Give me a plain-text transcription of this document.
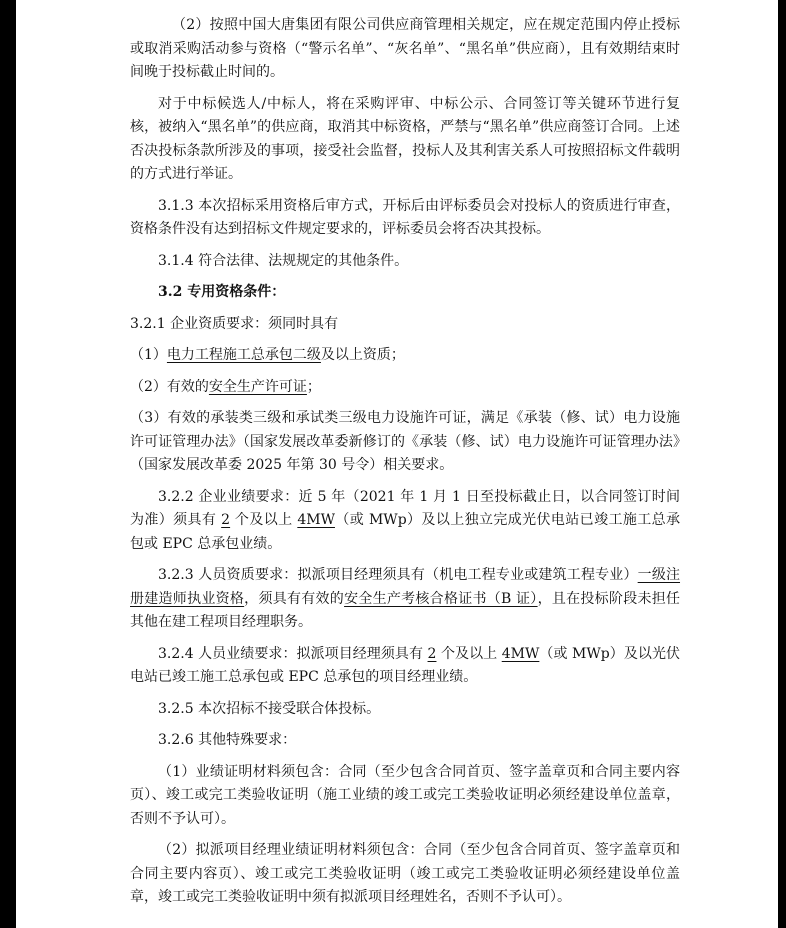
（2）按照中国大唐集团有限公司供应商管理相关规定，应在规定范围内停止授标或取消采购活动参与资格（“警示名单”、“灰名单”、“黑名单”供应商），且有效期结束时间晚于投标截止时间的。

对于中标候选人/中标人，将在采购评审、中标公示、合同签订等关键环节进行复核，被纳入“黑名单”的供应商，取消其中标资格，严禁与“黑名单”供应商签订合同。上述否决投标条款所涉及的事项，接受社会监督，投标人及其利害关系人可按照招标文件载明的方式进行举证。

3.1.3 本次招标采用资格后审方式，开标后由评标委员会对投标人的资质进行审查，资格条件没有达到招标文件规定要求的，评标委员会将否决其投标。

3.1.4 符合法律、法规规定的其他条件。

3.2 专用资格条件：

3.2.1 企业资质要求：须同时具有

（1）电力工程施工总承包二级及以上资质；

（2）有效的安全生产许可证；

（3）有效的承装类三级和承试类三级电力设施许可证，满足《承装（修、试）电力设施许可证管理办法》（国家发展改革委新修订的《承装（修、试）电力设施许可证管理办法》（国家发展改革委 2025 年第 30 号令）相关要求。

3.2.2 企业业绩要求：近 5 年（2021 年 1 月 1 日至投标截止日，以合同签订时间为准）须具有 2 个及以上 4MW（或 MWp）及以上独立完成光伏电站已竣工施工总承包或 EPC 总承包业绩。

3.2.3 人员资质要求：拟派项目经理须具有（机电工程专业或建筑工程专业）一级注册建造师执业资格，须具有有效的安全生产考核合格证书（B 证），且在投标阶段未担任其他在建工程项目经理职务。

3.2.4 人员业绩要求：拟派项目经理须具有 2 个及以上 4MW（或 MWp）及以光伏电站已竣工施工总承包或 EPC 总承包的项目经理业绩。

3.2.5 本次招标不接受联合体投标。

3.2.6 其他特殊要求：

（1）业绩证明材料须包含：合同（至少包含合同首页、签字盖章页和合同主要内容页）、竣工或完工类验收证明（施工业绩的竣工或完工类验收证明必须经建设单位盖章，否则不予认可）。

（2）拟派项目经理业绩证明材料须包含：合同（至少包含合同首页、签字盖章页和合同主要内容页）、竣工或完工类验收证明（竣工或完工类验收证明必须经建设单位盖章，竣工或完工类验收证明中须有拟派项目经理姓名，否则不予认可）。
